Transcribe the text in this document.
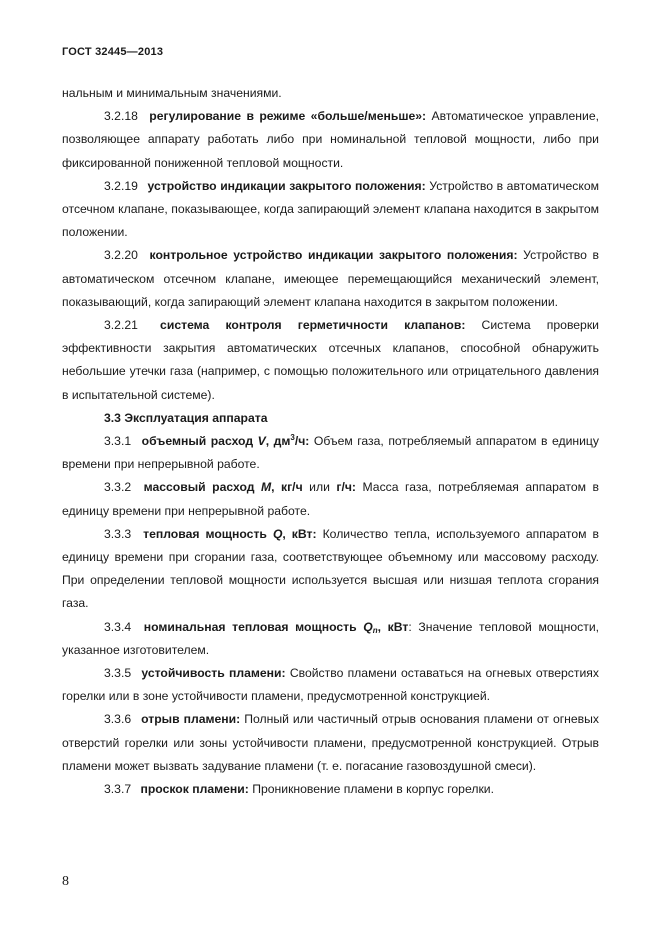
ГОСТ 32445—2013

нальным и минимальным значениями.

3.2.18 регулирование в режиме «больше/меньше»: Автоматическое управление, позволяющее аппарату работать либо при номинальной тепловой мощности, либо при фиксированной пониженной тепловой мощности.

3.2.19 устройство индикации закрытого положения: Устройство в автоматическом отсечном клапане, показывающее, когда запирающий элемент клапана находится в закрытом положении.

3.2.20 контрольное устройство индикации закрытого положения: Устройство в автоматическом отсечном клапане, имеющее перемещающийся механический элемент, показывающий, когда запирающий элемент клапана находится в закрытом положении.

3.2.21 система контроля герметичности клапанов: Система проверки эффективности закрытия автоматических отсечных клапанов, способной обнаружить небольшие утечки газа (например, с помощью положительного или отрицательного давления в испытательной системе).

3.3 Эксплуатация аппарата

3.3.1 объемный расход V, $дм^3/ч$: Объем газа, потребляемый аппаратом в единицу времени при непрерывной работе.

3.3.2 массовый расход M, кг/ч или г/ч: Масса газа, потребляемая аппаратом в единицу времени при непрерывной работе.

3.3.3 тепловая мощность Q, кВт: Количество тепла, используемого аппаратом в единицу времени при сгорании газа, соответствующее объемному или массовому расходу. При определении тепловой мощности используется высшая или низшая теплота сгорания газа.

3.3.4 номинальная тепловая мощность $Q_n$, кВт: Значение тепловой мощности, указанное изготовителем.

3.3.5 устойчивость пламени: Свойство пламени оставаться на огневых отверстиях горелки или в зоне устойчивости пламени, предусмотренной конструкцией.

3.3.6 отрыв пламени: Полный или частичный отрыв основания пламени от огневых отверстий горелки или зоны устойчивости пламени, предусмотренной конструкцией. Отрыв пламени может вызвать задувание пламени (т. е. погасание газовоздушной смеси).

3.3.7 проскок пламени: Проникновение пламени в корпус горелки.

8
